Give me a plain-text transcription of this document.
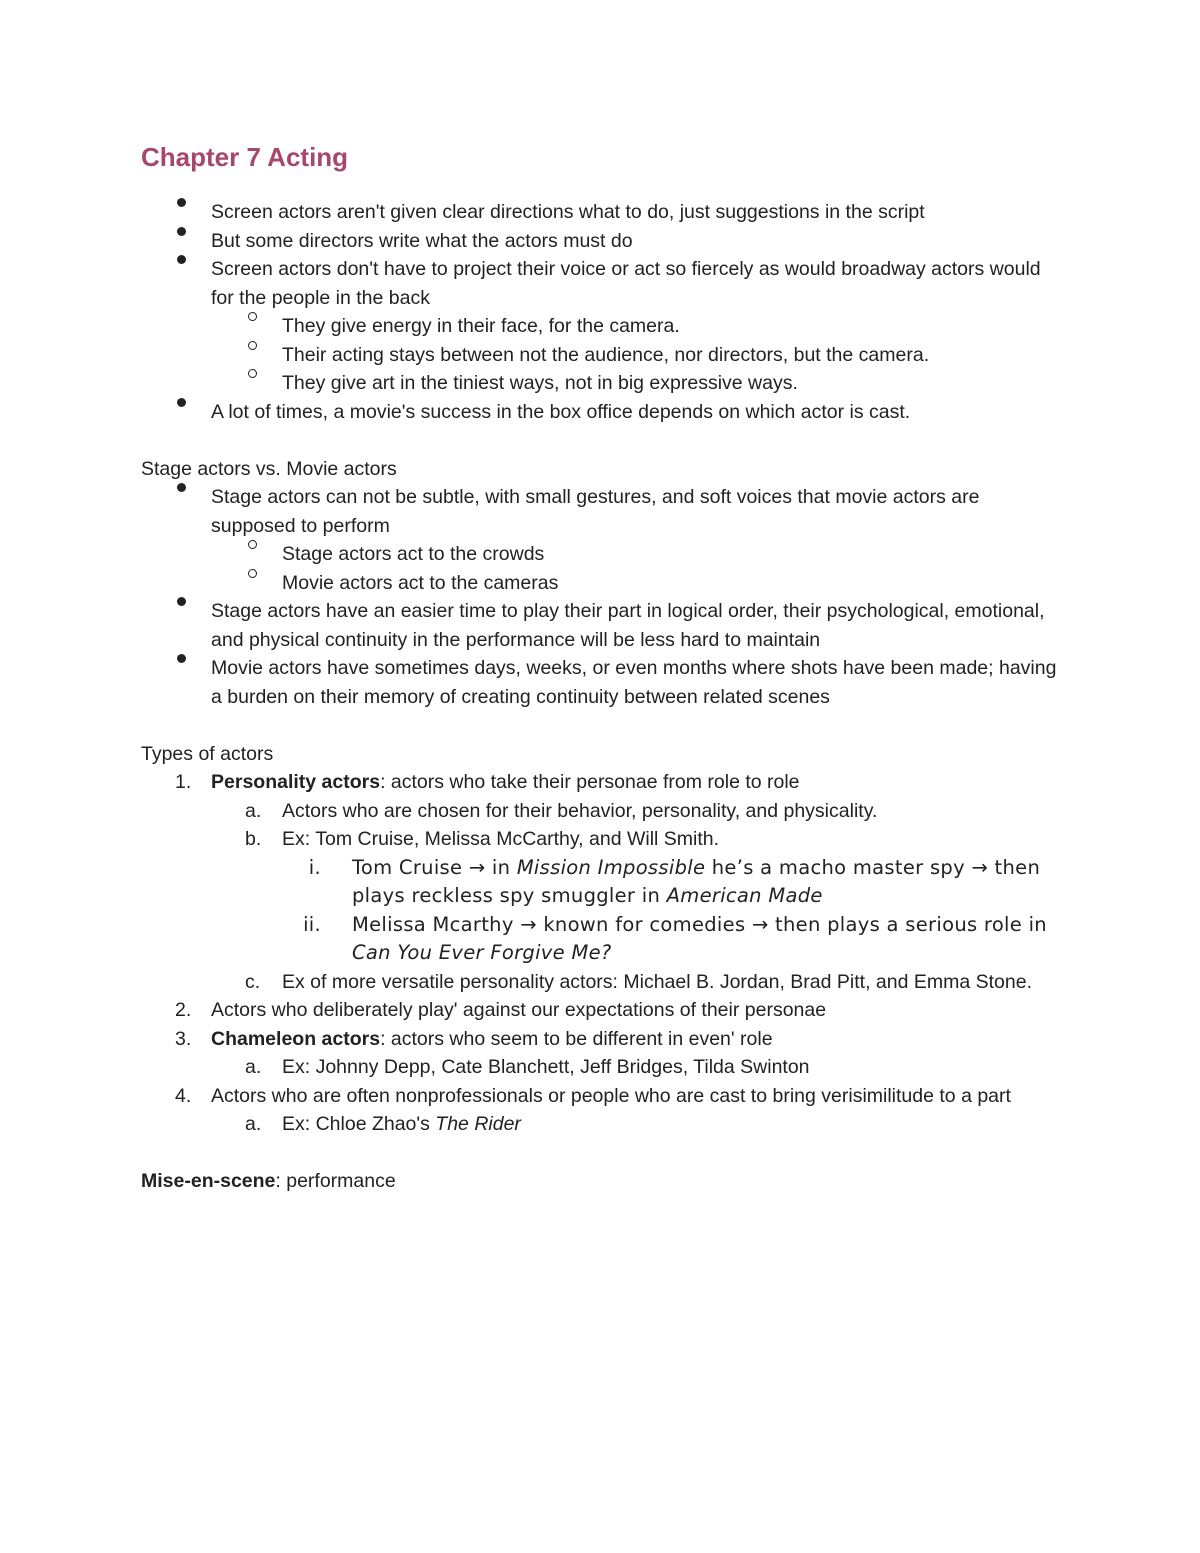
Chapter 7 Acting
Screen actors aren't given clear directions what to do, just suggestions in the script
But some directors write what the actors must do
Screen actors don't have to project their voice or act so fiercely as would broadway actors would for the people in the back
They give energy in their face, for the camera.
Their acting stays between not the audience, nor directors, but the camera.
They give art in the tiniest ways, not in big expressive ways.
A lot of times, a movie's success in the box office depends on which actor is cast.

Stage actors vs. Movie actors

Stage actors can not be subtle, with small gestures, and soft voices that movie actors are supposed to perform
Stage actors act to the crowds
Movie actors act to the cameras
Stage actors have an easier time to play their part in logical order, their psychological, emotional, and physical continuity in the performance will be less hard to maintain
Movie actors have sometimes days, weeks, or even months where shots have been made; having a burden on their memory of creating continuity between related scenes

Types of actors

1.	Personality actors: actors who take their personae from role to role
a.	Actors who are chosen for their behavior, personality, and physicality.
b.	Ex: Tom Cruise, Melissa McCarthy, and Will Smith.
i. Tom Cruise → in Mission Impossible he’s a macho master spy → then plays reckless spy smuggler in American Made
ii. Melissa Mcarthy → known for comedies → then plays a serious role in Can You Ever Forgive Me?
c.	Ex of more versatile personality actors: Michael B. Jordan, Brad Pitt, and Emma Stone.
2.	Actors who deliberately play' against our expectations of their personae
3.	Chameleon actors: actors who seem to be different in even' role
a.	Ex: Johnny Depp, Cate Blanchett, Jeff Bridges, Tilda Swinton
4.	Actors who are often nonprofessionals or people who are cast to bring verisimilitude to a part
a.	Ex: Chloe Zhao's The Rider

Mise-en-scene: performance
